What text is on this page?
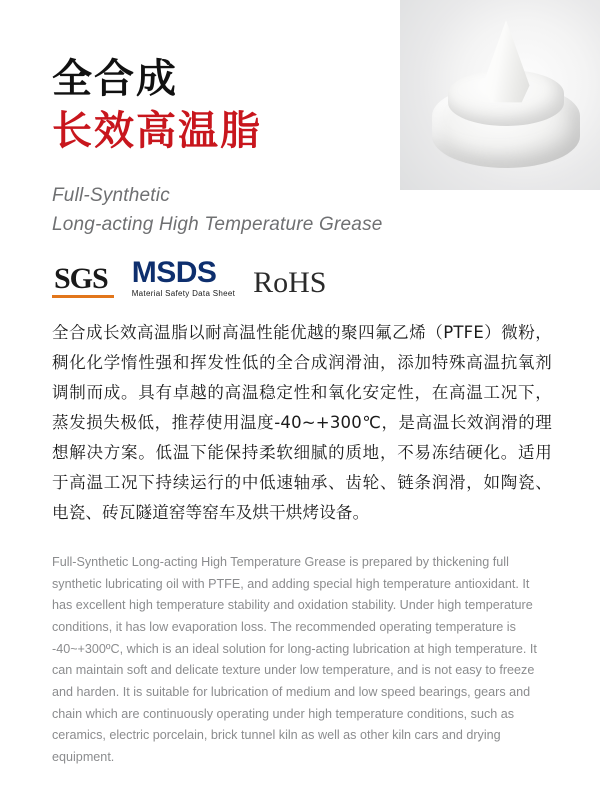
全合成
长效高温脂
Full-Synthetic
Long-acting High Temperature Grease
SGS MSDS
Material Safety Data Sheet RoHS
全合成长效高温脂以耐高温性能优越的聚四氟乙烯（PTFE）微粉，稠化化学惰性强和挥发性低的全合成润滑油，添加特殊高温抗氧剂调制而成。具有卓越的高温稳定性和氧化安定性，在高温工况下，蒸发损失极低，推荐使用温度-40~+300℃，是高温长效润滑的理想解决方案。低温下能保持柔软细腻的质地，不易冻结硬化。适用于高温工况下持续运行的中低速轴承、齿轮、链条润滑，如陶瓷、电瓷、砖瓦隧道窑等窑车及烘干烘烤设备。
Full-Synthetic Long-acting High Temperature Grease is prepared by thickening full synthetic lubricating oil with PTFE, and adding special high temperature antioxidant. It has excellent high temperature stability and oxidation stability. Under high temperature conditions, it has low evaporation loss. The recommended operating temperature is -40~+300ºC, which is an ideal solution for long-acting lubrication at high temperature. It can maintain soft and delicate texture under low temperature, and is not easy to freeze and harden. It is suitable for lubrication of medium and low speed bearings, gears and chain which are continuously operating under high temperature conditions, such as ceramics, electric porcelain, brick tunnel kiln as well as other kiln cars and drying equipment.
